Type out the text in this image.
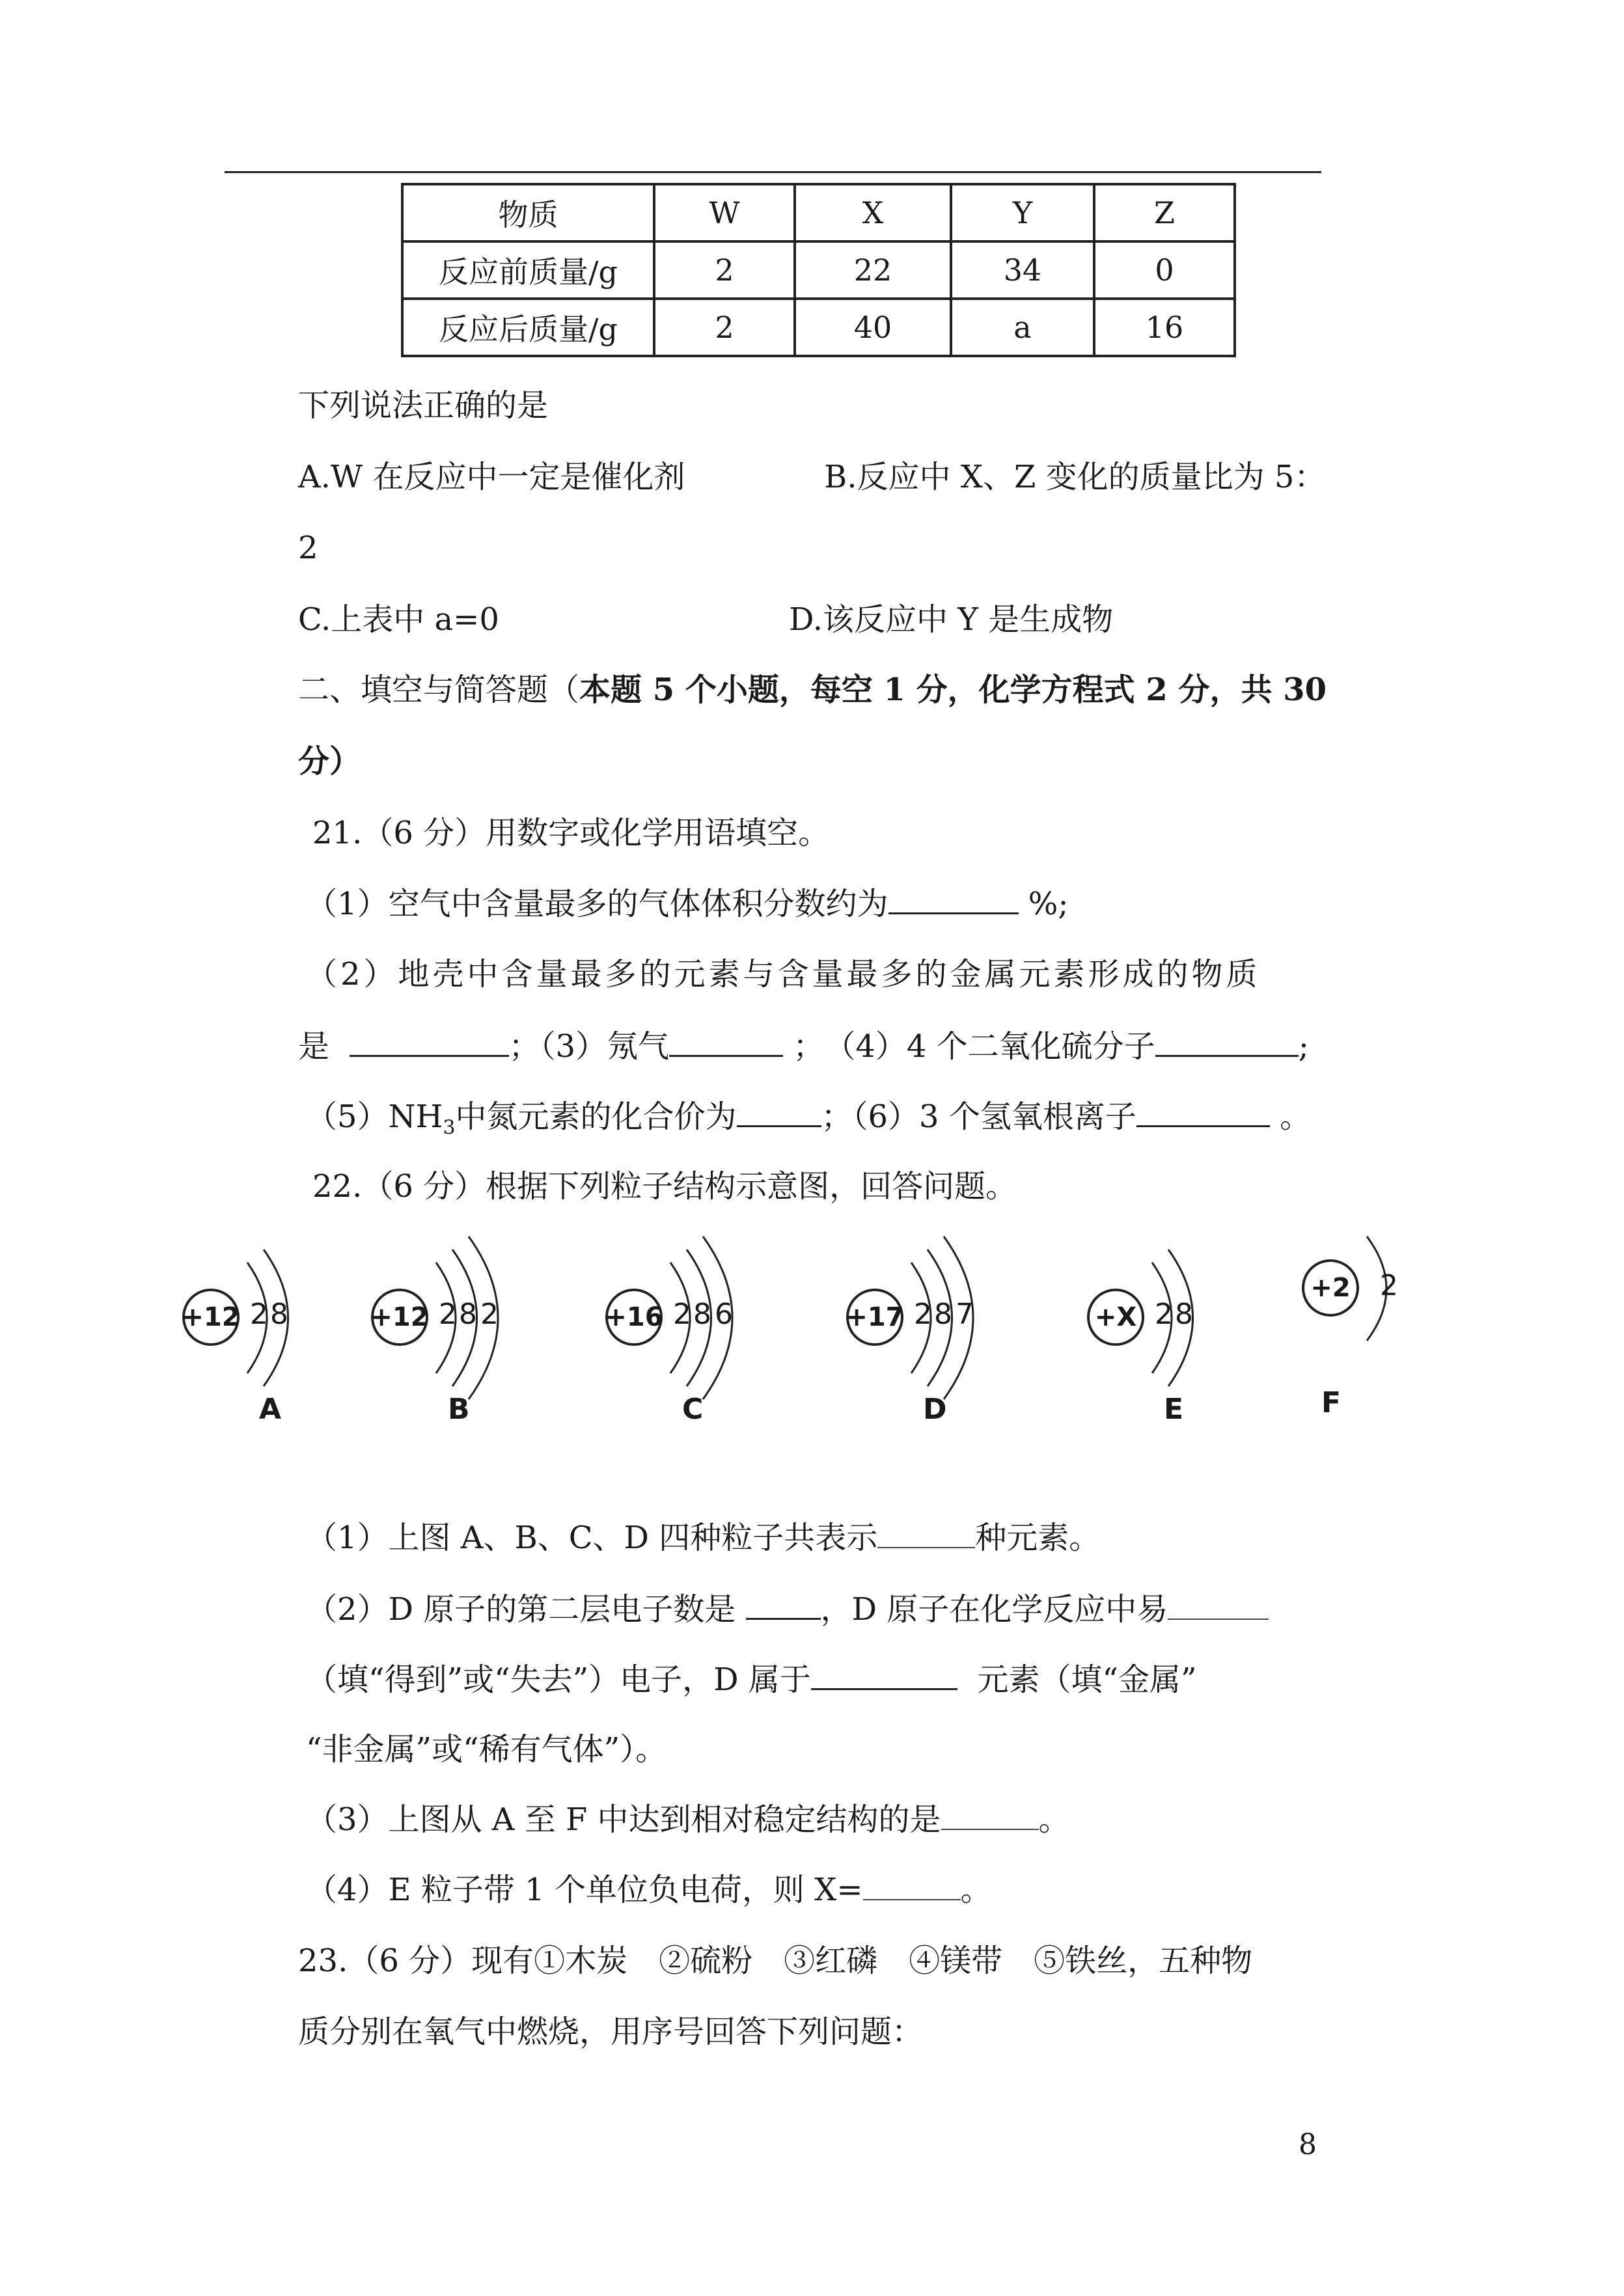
物质	W	X	Y	Z
反应前质量/g	2	22	34	0
反应后质量/g	2	40	a	16
下列说法正确的是
A.W 在反应中一定是催化剂	B.反应中 X、Z 变化的质量比为 5：
2
C.上表中 a=0	D.该反应中 Y 是生成物
二、填空与简答题（本题 5 个小题，每空 1 分，化学方程式 2 分，共 30
分）
21.（6 分）用数字或化学用语填空。
（1）空气中含量最多的气体体积分数约为	%;
（2）地壳中含量最多的元素与含量最多的金属元素形成的物质
是	；（3）氖气	；　（4）4 个二氧化硫分子	;
$(5)NH_3$中氮元素的化合价为	；（6）3 个氢氧根离子	。
22.（6 分）根据下列粒子结构示意图，回答问题。
+12 2 8
A
+12 2 8 2
B
+16 2 8 6
C
+17 2 8 7
D
+X 2 8
E
+2	2
F
（1）上图 A、B、C、D 四种粒子共表示	种元素。
（2）D 原子的第二层电子数是	，D 原子在化学反应中易
（填“得到”或“失去”）电子，D 属于	元素（填“金属”
“非金属”或“稀有气体”）。
（3）上图从 A 至 F 中达到相对稳定结构的是	。
（4）E 粒子带 1 个单位负电荷，则 X=	。
23.（6 分）现有①木炭　②硫粉　③红磷　④镁带　⑤铁丝，五种物
质分别在氧气中燃烧，用序号回答下列问题：
8
